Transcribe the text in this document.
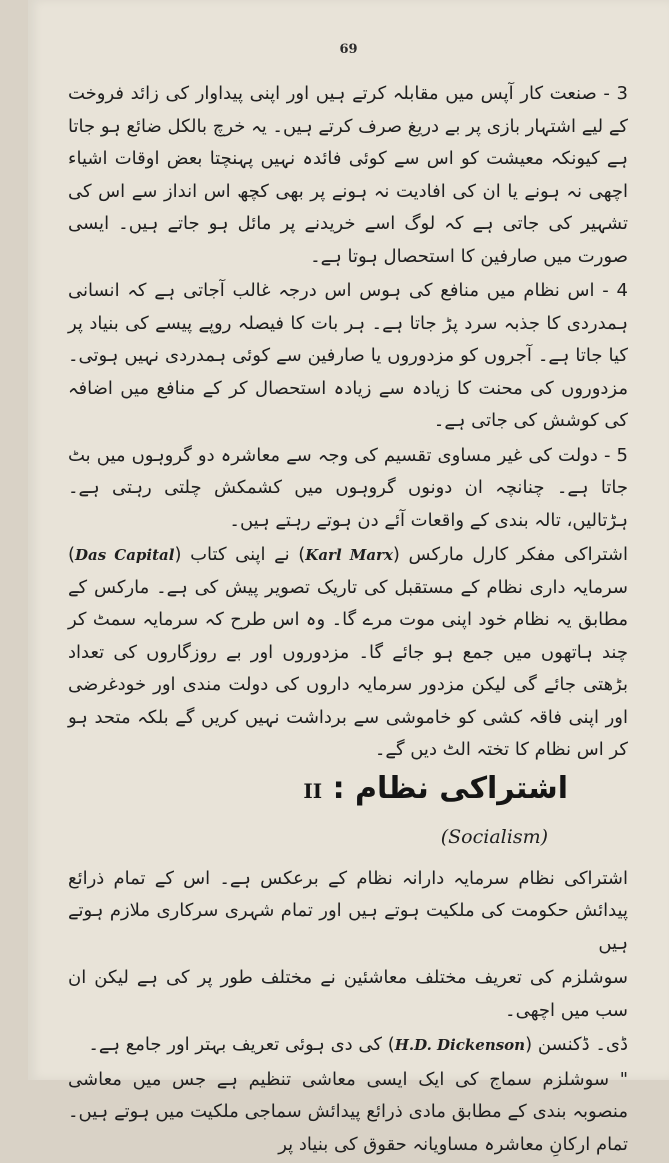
69

3 - صنعت کار آپس میں مقابلہ کرتے ہیں اور اپنی پیداوار کی زائد فروخت کے لیے اشتہار بازی پر بے دریغ صرف کرتے ہیں۔ یہ خرچ بالکل ضائع ہو جاتا ہے کیونکہ معیشت کو اس سے کوئی فائدہ نہیں پہنچتا بعض اوقات اشیاء اچھی نہ ہونے یا ان کی افادیت نہ ہونے پر بھی کچھ اس انداز سے اس کی تشہیر کی جاتی ہے کہ لوگ اسے خریدنے پر مائل ہو جاتے ہیں۔ ایسی صورت میں صارفین کا استحصال ہوتا ہے۔

4 - اس نظام میں منافع کی ہوس اس درجہ غالب آجاتی ہے کہ انسانی ہمدردی کا جذبہ سرد پڑ جاتا ہے۔ ہر بات کا فیصلہ روپے پیسے کی بنیاد پر کیا جاتا ہے۔ آجروں کو مزدوروں یا صارفین سے کوئی ہمدردی نہیں ہوتی۔ مزدوروں کی محنت کا زیادہ سے زیادہ استحصال کر کے منافع میں اضافہ کی کوشش کی جاتی ہے۔

5 - دولت کی غیر مساوی تقسیم کی وجہ سے معاشرہ دو گروہوں میں بٹ جاتا ہے۔ چنانچہ ان دونوں گروہوں میں کشمکش چلتی رہتی ہے۔ ہڑتالیں، تالہ بندی کے واقعات آئے دن ہوتے رہتے ہیں۔

اشتراکی مفکر کارل مارکس (Karl Marx) نے اپنی کتاب (Das Capital) سرمایہ داری نظام کے مستقبل کی تاریک تصویر پیش کی ہے۔ مارکس کے مطابق یہ نظام خود اپنی موت مرے گا۔ وہ اس طرح کہ سرمایہ سمٹ کر چند ہاتھوں میں جمع ہو جائے گا۔ مزدوروں اور بے روزگاروں کی تعداد بڑھتی جائے گی لیکن مزدور سرمایہ داروں کی دولت مندی اور خودغرضی اور اپنی فاقہ کشی کو خاموشی سے برداشت نہیں کریں گے بلکہ متحد ہو کر اس نظام کا تختہ الٹ دیں گے۔

اشتراکی نظام : II
(Socialism)

اشتراکی نظام سرمایہ دارانہ نظام کے برعکس ہے۔ اس کے تمام ذرائع پیدائش حکومت کی ملکیت ہوتے ہیں اور تمام شہری سرکاری ملازم ہوتے ہیں

سوشلزم کی تعریف مختلف معاشئین نے مختلف طور پر کی ہے لیکن ان سب میں اچھی۔

ڈی۔ ڈکنسن (H.D. Dickenson) کی دی ہوئی تعریف بہتر اور جامع ہے۔

" سوشلزم سماج کی ایک ایسی معاشی تنظیم ہے جس میں معاشی منصوبہ بندی کے مطابق مادی ذرائع پیدائش سماجی ملکیت میں ہوتے ہیں۔ تمام ارکانِ معاشرہ مساویانہ حقوق کی بنیاد پر
